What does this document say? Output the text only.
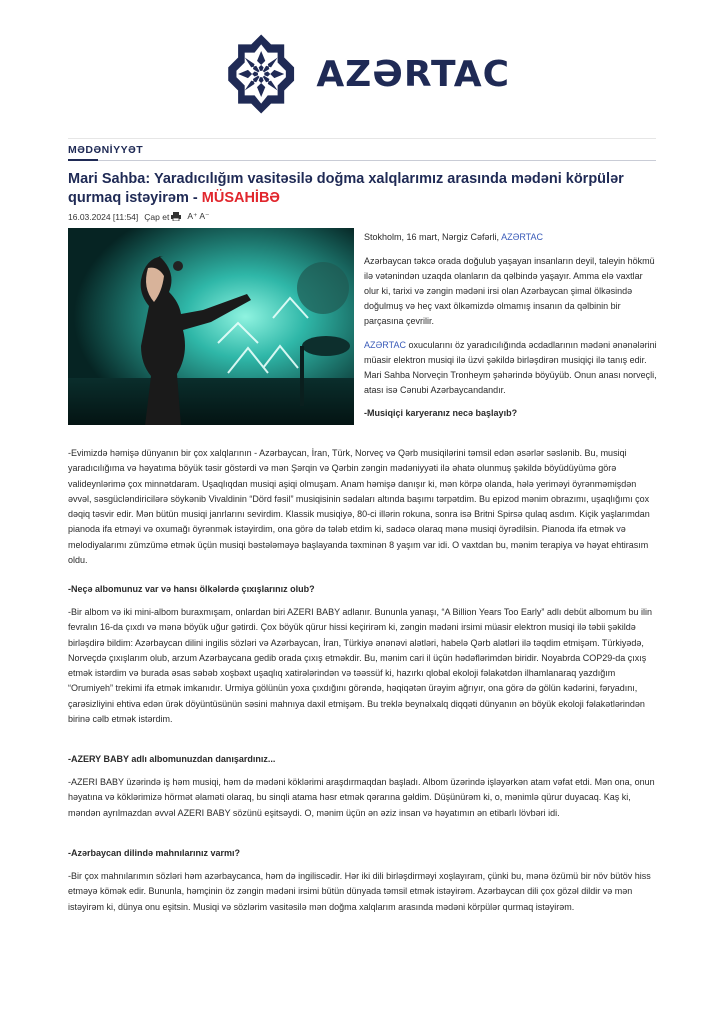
AZƏRTAC
MƏDƏNİYYƏT
Mari Sahba: Yaradıcılığım vasitəsilə doğma xalqlarımız arasında mədəni körpülər qurmaq istəyirəm - MÜSAHİBƏ
16.03.2024 [11:54] Çap et A⁺ A⁻

Stokholm, 16 mart, Nərgiz Cəfərli, AZƏRTAC

Azərbaycan təkcə orada doğulub yaşayan insanların deyil, taleyin hökmü ilə vətənindən uzaqda olanların da qəlbində yaşayır. Amma elə vaxtlar olur ki, tarixi və zəngin mədəni irsi olan Azərbaycan şimal ölkəsində doğulmuş və heç vaxt ölkəmizdə olmamış insanın da qəlbinin bir parçasına çevrilir.

AZƏRTAC oxucularını öz yaradıcılığında əcdadlarının mədəni ənənələrini müasir elektron musiqi ilə üzvi şəkildə birləşdirən musiqiçi ilə tanış edir. Mari Sahba Norveçin Tronheym şəhərində böyüyüb. Onun anası norveçli, atası isə Cənubi Azərbaycandandır.

-Musiqiçi karyeranız necə başlayıb?

-Evimizdə həmişə dünyanın bir çox xalqlarının - Azərbaycan, İran, Türk, Norveç və Qərb musiqilərini təmsil edən əsərlər səslənib. Bu, musiqi yaradıcılığıma və həyatıma böyük təsir göstərdi və mən Şərqin və Qərbin zəngin mədəniyyəti ilə əhatə olunmuş şəkildə böyüdüyümə görə valideynlərimə çox minnətdaram. Uşaqlıqdan musiqi aşiqi olmuşam. Anam həmişə danışır ki, mən körpə olanda, hələ yeriməyi öyrənməmişdən əvvəl, səsgücləndiricilərə söykənib Vivaldinin “Dörd fəsil” musiqisinin sədaları altında başımı tərpətdim. Bu epizod mənim obrazımı, uşaqlığımı çox dəqiq təsvir edir. Mən bütün musiqi janrlarını sevirdim. Klassik musiqiyə, 80-ci illərin rokuna, sonra isə Britni Spirsə qulaq asdım. Kiçik yaşlarımdan pianoda ifa etməyi və oxumağı öyrənmək istəyirdim, ona görə də tələb etdim ki, sadəcə olaraq mənə musiqi öyrədilsin. Pianoda ifa etmək və melodiyalarımı zümzümə etmək üçün musiqi bəstələməyə başlayanda təxminən 8 yaşım var idi. O vaxtdan bu, mənim terapiya və həyat ehtirasım oldu.

-Neçə albomunuz var və hansı ölkələrdə çıxışlarınız olub?

-Bir albom və iki mini-albom buraxmışam, onlardan biri AZERI BABY adlanır. Bununla yanaşı, “A Billion Years Too Early” adlı debüt albomum bu ilin fevralın 16-da çıxdı və mənə böyük uğur gətirdi. Çox böyük qürur hissi keçirirəm ki, zəngin mədəni irsimi müasir elektron musiqi ilə təbii şəkildə birləşdirə bildim: Azərbaycan dilini ingilis sözləri və Azərbaycan, İran, Türkiyə ənənəvi alətləri, habelə Qərb alətləri ilə təqdim etmişəm. Türkiyədə, Norveçdə çıxışlarım olub, arzum Azərbaycana gedib orada çıxış etməkdir. Bu, mənim cari il üçün hədəflərimdən biridir. Noyabrda COP29-da çıxış etmək istərdim və burada əsas səbəb xoşbəxt uşaqlıq xatirələrindən və təəssüf ki, hazırkı qlobal ekoloji fəlakətdən ilhamlanaraq yazdığım “Orumiyeh” trekimi ifa etmək imkanıdır. Urmiya gölünün yoxa çıxdığını görəndə, həqiqətən ürəyim ağrıyır, ona görə də gölün kədərini, fəryadını, çarəsizliyini ehtiva edən ürək döyüntüsünün səsini mahnıya daxil etmişəm. Bu treklə beynəlxalq diqqəti dünyanın ən böyük ekoloji fəlakətlərindən birinə cəlb etmək istərdim.

-AZERY BABY adlı albomunuzdan danışardınız...

-AZERI BABY üzərində iş həm musiqi, həm də mədəni köklərimi araşdırmaqdan başladı. Albom üzərində işləyərkən atam vəfat etdi. Mən ona, onun həyatına və köklərimizə hörmət əlaməti olaraq, bu sinqli atama həsr etmək qərarına gəldim. Düşünürəm ki, o, mənimlə qürur duyacaq. Kaş ki, məndən ayrılmazdan əvvəl AZERI BABY sözünü eşitsəydi. O, mənim üçün ən əziz insan və həyatımın ən etibarlı lövbəri idi.

-Azərbaycan dilində mahnılarınız varmı?

-Bir çox mahnılarımın sözləri həm azərbaycanca, həm də ingiliscədir. Hər iki dili birləşdirməyi xoşlayıram, çünki bu, mənə özümü bir növ bütöv hiss etməyə kömək edir. Bununla, həmçinin öz zəngin mədəni irsimi bütün dünyada təmsil etmək istəyirəm. Azərbaycan dili çox gözəl dildir və mən istəyirəm ki, dünya onu eşitsin. Musiqi və sözlərim vasitəsilə mən doğma xalqlarım arasında mədəni körpülər qurmaq istəyirəm.
